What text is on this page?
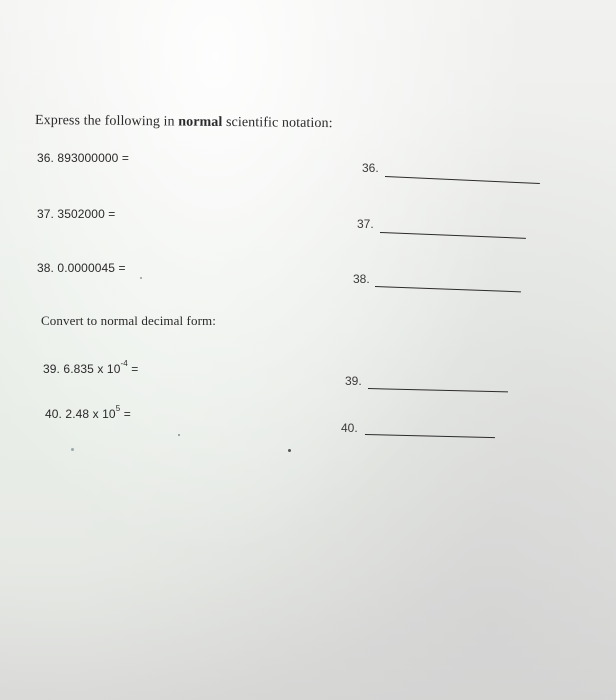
Express the following in normal scientific notation:
36. 893000000 =
36.
37. 3502000 =
37.
38. 0.0000045 =
38.
Convert to normal decimal form:
39. 6.835 x $10^{-4}$ =
39.
40. 2.48 x $10^5$ =
40.
